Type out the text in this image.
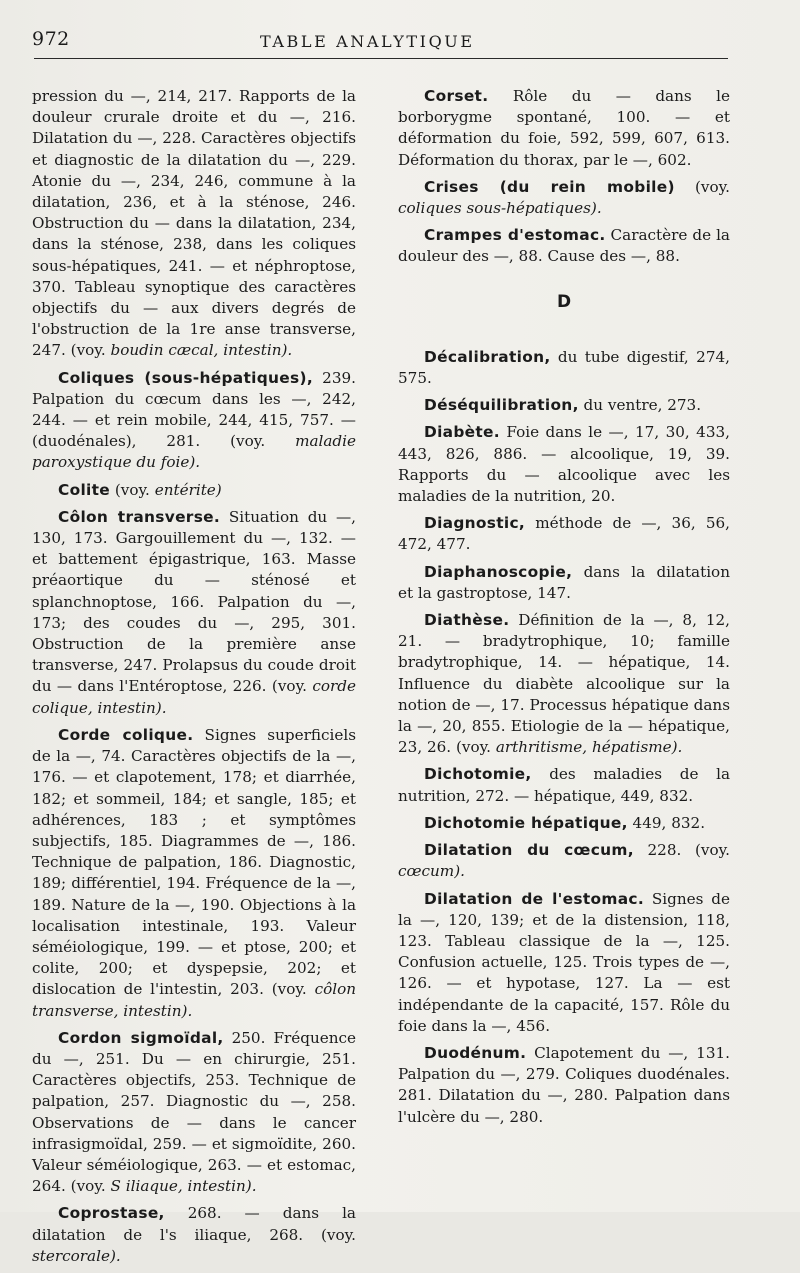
972	TABLE ANALYTIQUE

pression du —, 214, 217. Rapports de la douleur crurale droite et du —, 216. Dilatation du —, 228. Caractères objectifs et diagnostic de la dilatation du —, 229. Atonie du —, 234, 246, commune à la dilatation, 236, et à la sténose, 246. Obstruction du — dans la dilatation, 234, dans la sténose, 238, dans les coliques sous-hépatiques, 241. — et néphroptose, 370. Tableau synoptique des caractères objectifs du — aux divers degrés de l'obstruction de la 1re anse transverse, 247. (voy. boudin cæcal, intestin).

Coliques (sous-hépatiques), 239. Palpation du cœcum dans les —, 242, 244. — et rein mobile, 244, 415, 757. — (duodénales), 281. (voy. maladie paroxystique du foie).

Colite (voy. entérite)

Côlon transverse. Situation du —, 130, 173. Gargouillement du —, 132. — et battement épigastrique, 163. Masse préaortique du — sténosé et splanchnoptose, 166. Palpation du —, 173; des coudes du —, 295, 301. Obstruction de la première anse transverse, 247. Prolapsus du coude droit du — dans l'Entéroptose, 226. (voy. corde colique, intestin).

Corde colique. Signes superficiels de la —, 74. Caractères objectifs de la —, 176. — et clapotement, 178; et diarrhée, 182; et sommeil, 184; et sangle, 185; et adhérences, 183 ; et symptômes subjectifs, 185. Diagrammes de —, 186. Technique de palpation, 186. Diagnostic, 189; différentiel, 194. Fréquence de la —, 189. Nature de la —, 190. Objections à la localisation intestinale, 193. Valeur séméiologique, 199. — et ptose, 200; et colite, 200; et dyspepsie, 202; et dislocation de l'intestin, 203. (voy. côlon transverse, intestin).

Cordon sigmoïdal, 250. Fréquence du —, 251. Du — en chirurgie, 251. Caractères objectifs, 253. Technique de palpation, 257. Diagnostic du —, 258. Observations de — dans le cancer infrasigmoïdal, 259. — et sigmoïdite, 260. Valeur séméiologique, 263. — et estomac, 264. (voy. S iliaque, intestin).

Coprostase, 268. — dans la dilatation de l's iliaque, 268. (voy. stercorale).

Corset. Rôle du — dans le borborygme spontané, 100. — et déformation du foie, 592, 599, 607, 613. Déformation du thorax, par le —, 602.

Crises (du rein mobile) (voy. coliques sous-hépatiques).

Crampes d'estomac. Caractère de la douleur des —, 88. Cause des —, 88.

D

Décalibration, du tube digestif, 274, 575.

Déséquilibration, du ventre, 273.

Diabète. Foie dans le —, 17, 30, 433, 443, 826, 886. — alcoolique, 19, 39. Rapports du — alcoolique avec les maladies de la nutrition, 20.

Diagnostic, méthode de —, 36, 56, 472, 477.

Diaphanoscopie, dans la dilatation et la gastroptose, 147.

Diathèse. Définition de la —, 8, 12, 21. — bradytrophique, 10; famille bradytrophique, 14. — hépatique, 14. Influence du diabète alcoolique sur la notion de —, 17. Processus hépatique dans la —, 20, 855. Etiologie de la — hépatique, 23, 26. (voy. arthritisme, hépatisme).

Dichotomie, des maladies de la nutrition, 272. — hépatique, 449, 832.

Dichotomie hépatique, 449, 832.

Dilatation du cœcum, 228. (voy. cœcum).

Dilatation de l'estomac. Signes de la —, 120, 139; et de la distension, 118, 123. Tableau classique de la —, 125. Confusion actuelle, 125. Trois types de —, 126. — et hypotase, 127. La — est indépendante de la capacité, 157. Rôle du foie dans la —, 456.

Duodénum. Clapotement du —, 131. Palpation du —, 279. Coliques duodénales. 281. Dilatation du —, 280. Palpation dans l'ulcère du —, 280.
